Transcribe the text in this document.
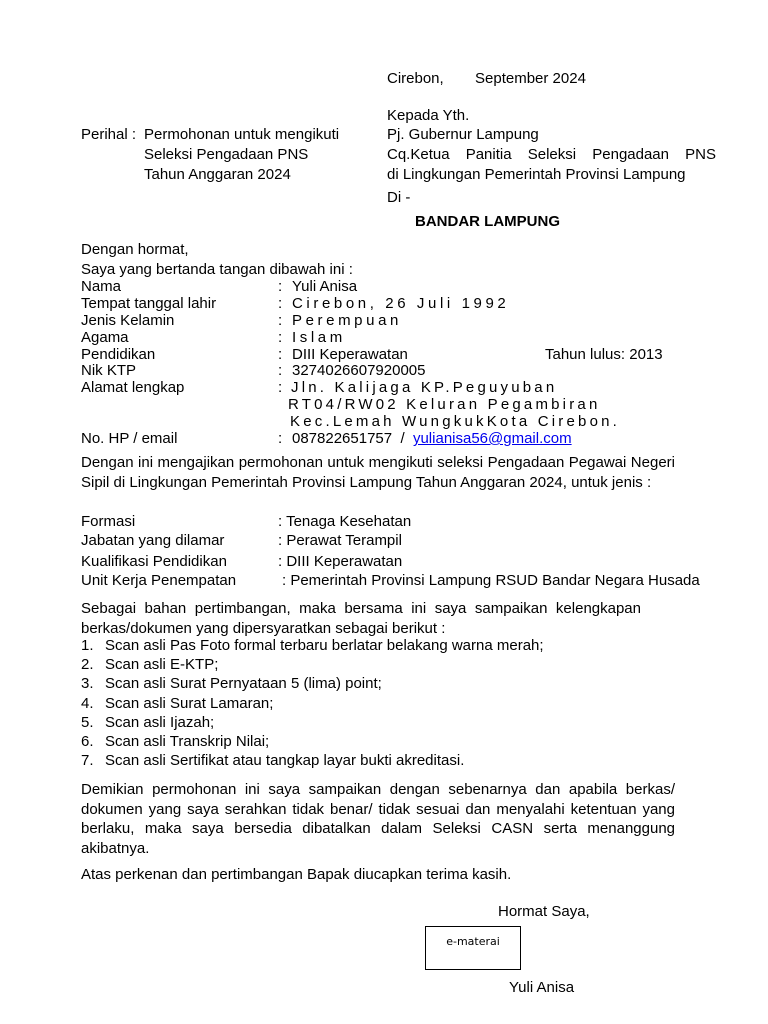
Cirebon, September 2024
Kepada Yth.
Pj. Gubernur Lampung
Cq.Ketua Panitia Seleksi Pengadaan PNS
di Lingkungan Pemerintah Provinsi Lampung
Di -
BANDAR LAMPUNG
Perihal : Permohonan untuk mengikuti
Seleksi Pengadaan PNS
Tahun Anggaran 2024
Dengan hormat,
Saya yang bertanda tangan dibawah ini :
Nama	: Yuli Anisa
Tempat tanggal lahir	: Cirebon, 26 Juli 1992
Jenis Kelamin	: Perempuan
Agama	: Islam
Pendidikan	: DIII Keperawatan	Tahun lulus: 2013
Nik KTP	: 3274026607920005
Alamat lengkap	: Jln. Kalijaga KP.Peguyuban
RT04/RW02 Keluran Pegambiran
Kec.Lemah WungkukKota Cirebon.
No. HP / email	: 087822651757 / yulianisa56@gmail.com
Dengan ini mengajikan permohonan untuk mengikuti seleksi Pengadaan Pegawai Negeri Sipil di Lingkungan Pemerintah Provinsi Lampung Tahun Anggaran 2024, untuk jenis :
Formasi	: Tenaga Kesehatan
Jabatan yang dilamar	: Perawat Terampil
Kualifikasi Pendidikan	: DIII Keperawatan
Unit Kerja Penempatan	: Pemerintah Provinsi Lampung RSUD Bandar Negara Husada
Sebagai bahan pertimbangan, maka bersama ini saya sampaikan kelengkapan berkas/dokumen yang dipersyaratkan sebagai berikut :
1. Scan asli Pas Foto formal terbaru berlatar belakang warna merah;
2. Scan asli E-KTP;
3. Scan asli Surat Pernyataan 5 (lima) point;
4. Scan asli Surat Lamaran;
5. Scan asli Ijazah;
6. Scan asli Transkrip Nilai;
7. Scan asli Sertifikat atau tangkap layar bukti akreditasi.
Demikian permohonan ini saya sampaikan dengan sebenarnya dan apabila berkas/ dokumen yang saya serahkan tidak benar/ tidak sesuai dan menyalahi ketentuan yang berlaku, maka saya bersedia dibatalkan dalam Seleksi CASN serta menanggung akibatnya.
Atas perkenan dan pertimbangan Bapak diucapkan terima kasih.
Hormat Saya,
e-materai
Yuli Anisa
